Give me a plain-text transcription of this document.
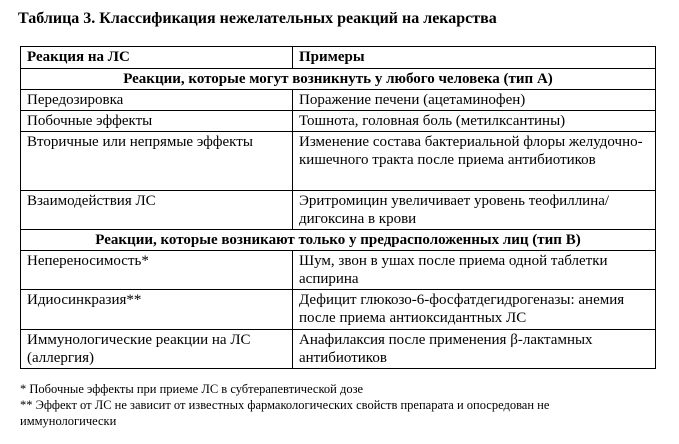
Таблица 3. Классификация нежелательных реакций на лекарства
Реакция на ЛС	Примеры
Реакции, которые могут возникнуть у любого человека (тип А)	
Передозировка	Поражение печени (ацетаминофен)
Побочные эффекты	Тошнота, головная боль (метилксантины)
Вторичные или непрямые эффекты	Изменение состава бактериальной флоры желудочно-кишечного тракта после приема антибиотиков
Взаимодействия ЛС	Эритромицин увеличивает уровень теофиллина/дигоксина в крови
Реакции, которые возникают только у предрасположенных лиц (тип В)	
Непереносимость*	Шум, звон в ушах после приема одной таблетки аспирина
Идиосинкразия**	Дефицит глюкозо-6-фосфатдегидрогеназы: анемия после приема антиоксидантных ЛС
Иммунологические реакции на ЛС (аллергия)	Анафилаксия после применения β-лактамных антибиотиков
* Побочные эффекты при приеме ЛС в субтерапевтической дозе
** Эффект от ЛС не зависит от известных фармакологических свойств препарата и опосредован не
иммунологически
